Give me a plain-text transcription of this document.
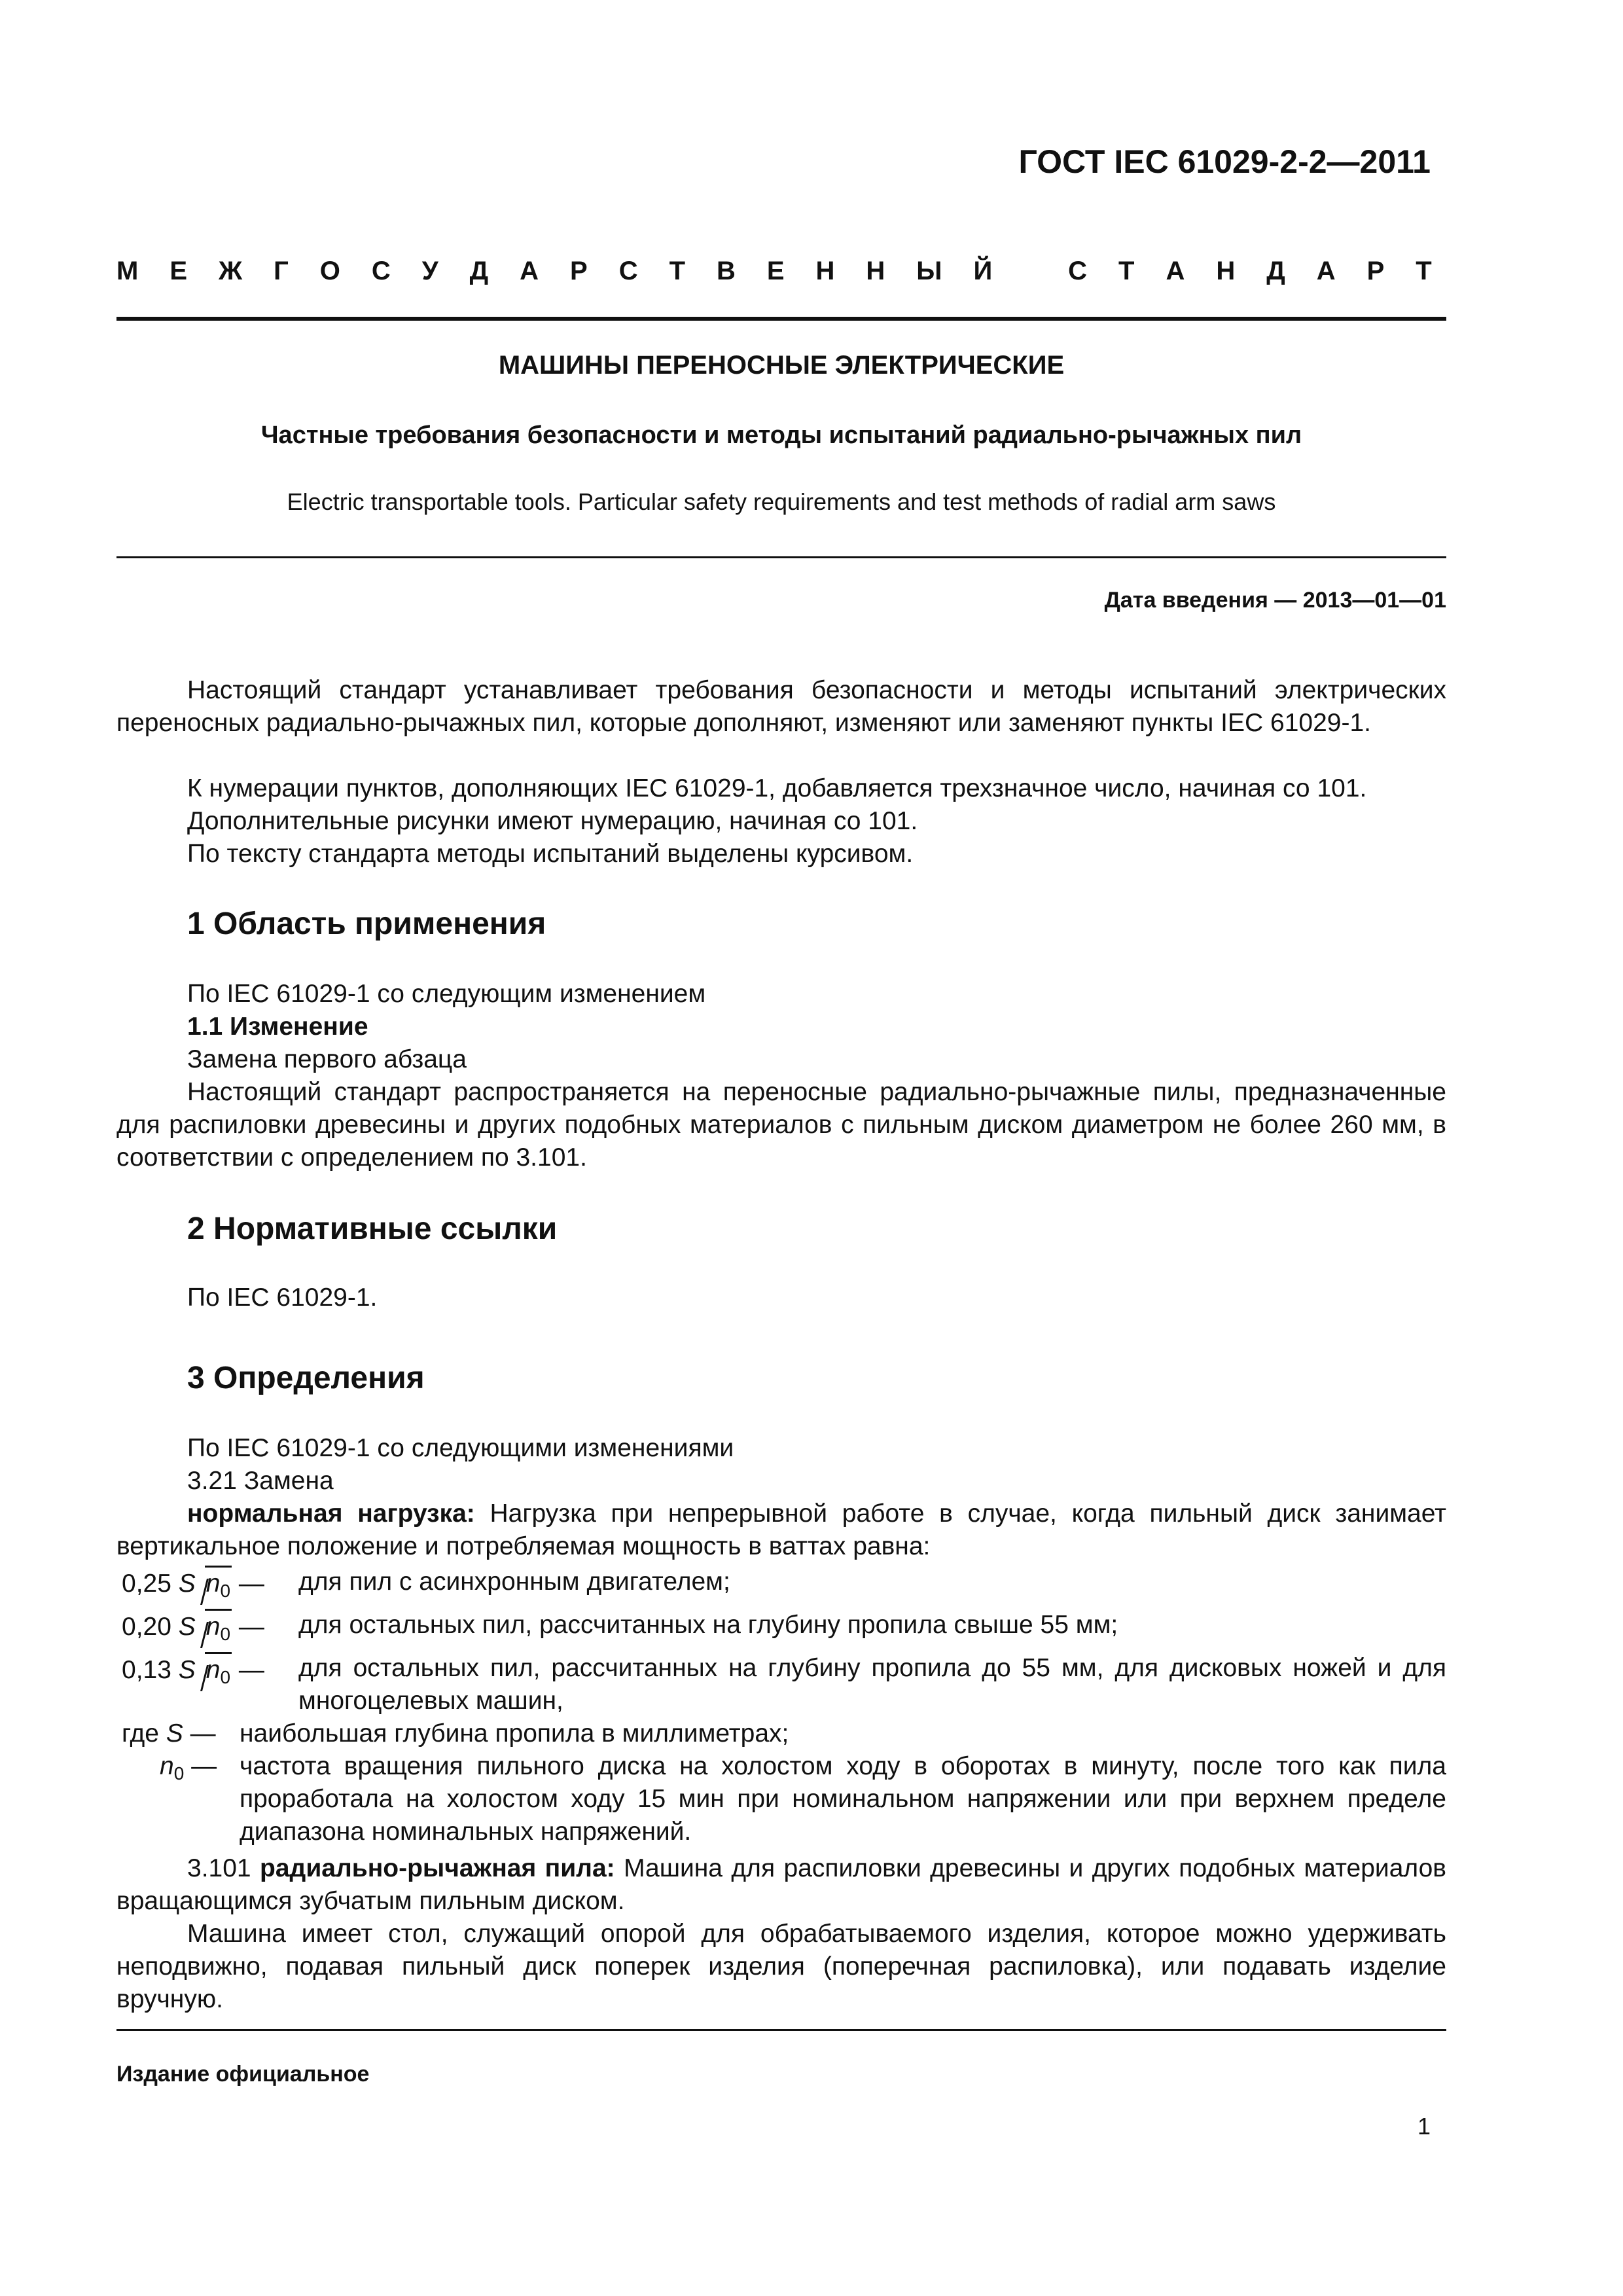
ГОСТ IEC 61029-2-2—2011
М Е Ж Г О С У Д А Р С Т В Е Н Н Ы Й	С Т А Н Д А Р Т
МАШИНЫ ПЕРЕНОСНЫЕ ЭЛЕКТРИЧЕСКИЕ
Частные требования безопасности и методы испытаний радиально-рычажных пил
Electric transportable tools. Particular safety requirements and test methods of radial arm saws
Дата введения — 2013—01—01
Настоящий стандарт устанавливает требования безопасности и методы испытаний электрических переносных радиально-рычажных пил, которые дополняют, изменяют или заменяют пункты IEC 61029-1.
К нумерации пунктов, дополняющих IEC 61029-1, добавляется трехзначное число, начиная со 101.
Дополнительные рисунки имеют нумерацию, начиная со 101.
По тексту стандарта методы испытаний выделены курсивом.
1 Область применения
По IEC 61029-1 со следующим изменением
1.1 Изменение
Замена первого абзаца
Настоящий стандарт распространяется на переносные радиально-рычажные пилы, предназначенные для распиловки древесины и других подобных материалов с пильным диском диаметром не более 260 мм, в соответствии с определением по 3.101.
2 Нормативные ссылки
По IEC 61029-1.
3 Определения
По IEC 61029-1 со следующими изменениями
3.21 Замена
нормальная нагрузка: Нагрузка при непрерывной работе в случае, когда пильный диск занимает вертикальное положение и потребляемая мощность в ваттах равна:
0,25 S $n_0$ — для пил с асинхронным двигателем;
0,20 S $n_0$ — для остальных пил, рассчитанных на глубину пропила свыше 55 мм;
0,13 S $n_0$ — для остальных пил, рассчитанных на глубину пропила до 55 мм, для дисковых ножей и для многоцелевых машин,
где S — наибольшая глубина пропила в миллиметрах;
$n_0$ — частота вращения пильного диска на холостом ходу в оборотах в минуту, после того как пила проработала на холостом ходу 15 мин при номинальном напряжении или при верхнем пределе диапазона номинальных напряжений.
3.101 радиально-рычажная пила: Машина для распиловки древесины и других подобных материалов вращающимся зубчатым пильным диском.
Машина имеет стол, служащий опорой для обрабатываемого изделия, которое можно удерживать неподвижно, подавая пильный диск поперек изделия (поперечная распиловка), или подавать изделие вручную.
Издание официальное
1
